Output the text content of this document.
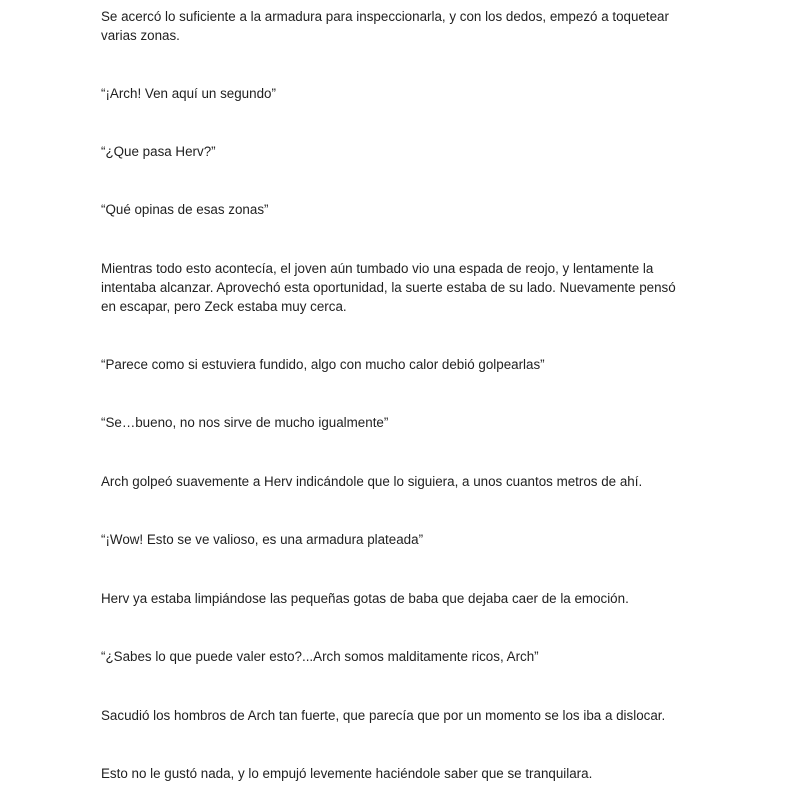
Se acercó lo suficiente a la armadura para inspeccionarla, y con los dedos, empezó a toquetear varias zonas.

“¡Arch! Ven aquí un segundo”

“¿Que pasa Herv?”

“Qué opinas de esas zonas”

Mientras todo esto acontecía, el joven aún tumbado vio una espada de reojo, y lentamente la intentaba alcanzar. Aprovechó esta oportunidad, la suerte estaba de su lado. Nuevamente pensó en escapar, pero Zeck estaba muy cerca.

“Parece como si estuviera fundido, algo con mucho calor debió golpearlas”

“Se…bueno, no nos sirve de mucho igualmente”

Arch golpeó suavemente a Herv indicándole que lo siguiera, a unos cuantos metros de ahí.

“¡Wow! Esto se ve valioso, es una armadura plateada”

Herv ya estaba limpiándose las pequeñas gotas de baba que dejaba caer de la emoción.

“¿Sabes lo que puede valer esto?...Arch somos malditamente ricos, Arch”

Sacudió los hombros de Arch tan fuerte, que parecía que por un momento se los iba a dislocar.

Esto no le gustó nada, y lo empujó levemente haciéndole saber que se tranquilara.
